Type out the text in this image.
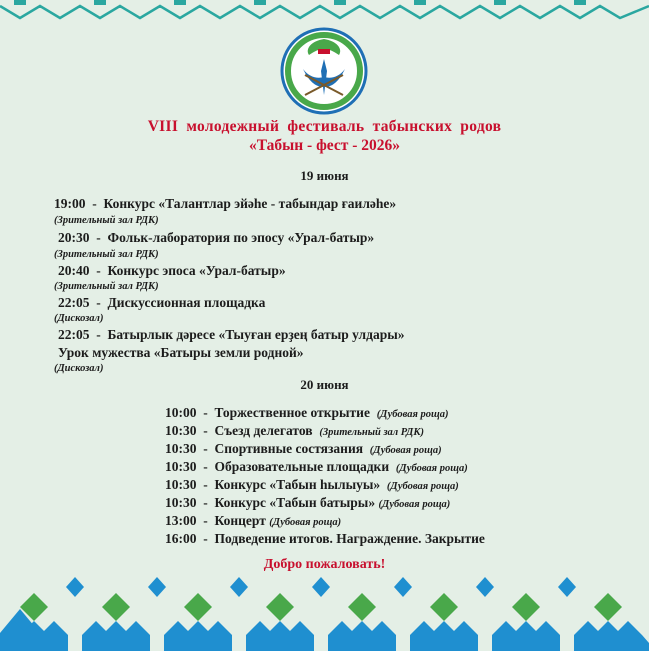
VIII молодежный фестиваль табынских родов
«Табын - фест - 2026»
19 июня
19:00  -  Конкурс «Талантлар эйәһе - табындар ғаиләһе»
(Зрительный зал РДК)
20:30  -  Фольк-лаборатория по эпосу «Урал-батыр»
(Зрительный зал РДК)
20:40  -  Конкурс эпоса «Урал-батыр»
(Зрительный зал РДК)
22:05  -  Дискуссионная площадка
(Дискозал)
22:05  -  Батырлык дәресе «Тыуған ерҙең батыр улдары»
Урок мужества «Батыры земли родной»
(Дискозал)
20 июня
10:00  -  Торжественное открытие (Дубовая роща)
10:30  -  Съезд делегатов (Зрительный зал РДК)
10:30  -  Спортивные состязания (Дубовая роща)
10:30  -  Образовательные площадки (Дубовая роща)
10:30  -  Конкурс «Табын һылыуы» (Дубовая роща)
10:30  -  Конкурс «Табын батыры» (Дубовая роща)
13:00  -  Концерт (Дубовая роща)
16:00  -  Подведение итогов. Награждение. Закрытие
Добро пожаловать!
